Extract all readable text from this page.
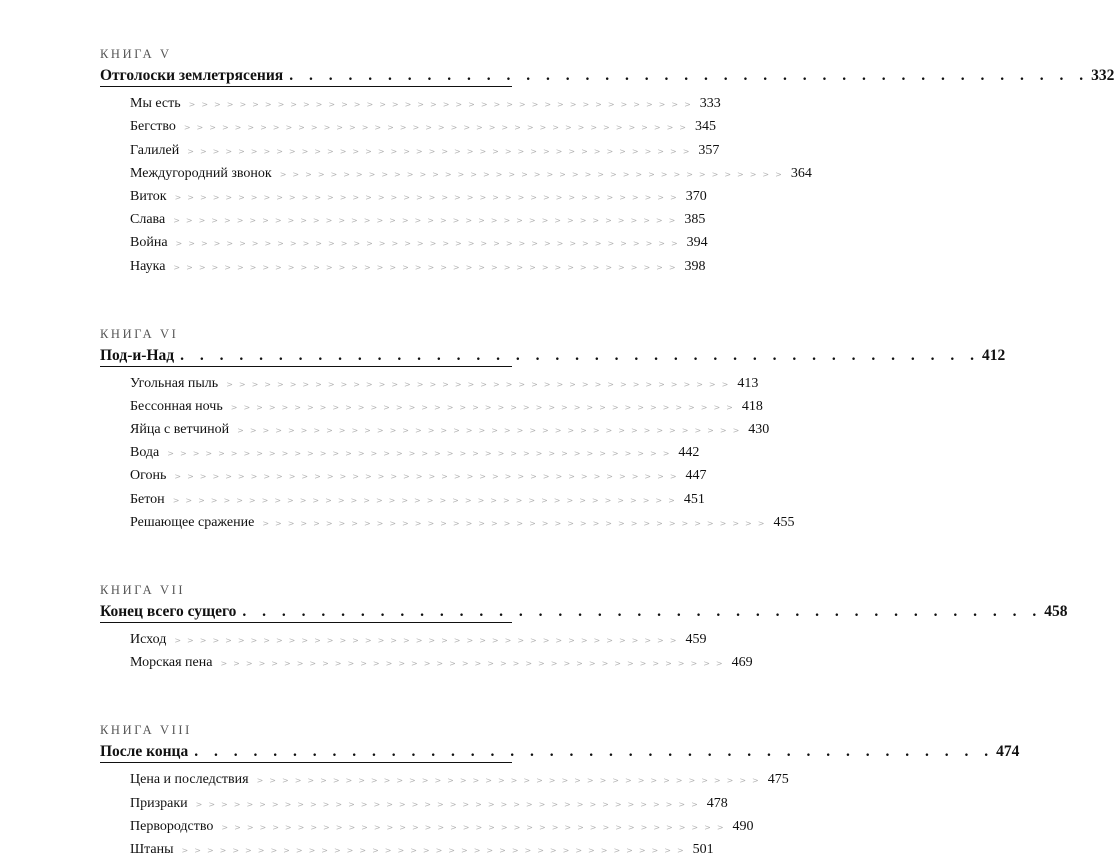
КНИГА V
Отголоски землетрясения . . . . . . . . . . . . . . . . . . . . . . . . . . . . . . . . . . . . . . . . . 332
Мы есть >>>>>>>>>>>>>>>>>>>>>>>>>>>>>>>>>>>>>>>> 333
Бегство >>>>>>>>>>>>>>>>>>>>>>>>>>>>>>>>>>>>>>>> 345
Галилей >>>>>>>>>>>>>>>>>>>>>>>>>>>>>>>>>>>>>>>> 357
Междугородний звонок >>>>>>>>>>>>>>>>>>>>>>>>>>>>>>>>>>>>>>>> 364
Виток >>>>>>>>>>>>>>>>>>>>>>>>>>>>>>>>>>>>>>>> 370
Слава >>>>>>>>>>>>>>>>>>>>>>>>>>>>>>>>>>>>>>>> 385
Война >>>>>>>>>>>>>>>>>>>>>>>>>>>>>>>>>>>>>>>> 394
Наука >>>>>>>>>>>>>>>>>>>>>>>>>>>>>>>>>>>>>>>> 398
КНИГА VI
Под-и-Над . . . . . . . . . . . . . . . . . . . . . . . . . . . . . . . . . . . . . . . . . 412
Угольная пыль >>>>>>>>>>>>>>>>>>>>>>>>>>>>>>>>>>>>>>>> 413
Бессонная ночь >>>>>>>>>>>>>>>>>>>>>>>>>>>>>>>>>>>>>>>> 418
Яйца с ветчиной >>>>>>>>>>>>>>>>>>>>>>>>>>>>>>>>>>>>>>>> 430
Вода >>>>>>>>>>>>>>>>>>>>>>>>>>>>>>>>>>>>>>>> 442
Огонь >>>>>>>>>>>>>>>>>>>>>>>>>>>>>>>>>>>>>>>> 447
Бетон >>>>>>>>>>>>>>>>>>>>>>>>>>>>>>>>>>>>>>>> 451
Решающее сражение >>>>>>>>>>>>>>>>>>>>>>>>>>>>>>>>>>>>>>>> 455
КНИГА VII
Конец всего сущего . . . . . . . . . . . . . . . . . . . . . . . . . . . . . . . . . . . . . . . . . 458
Исход >>>>>>>>>>>>>>>>>>>>>>>>>>>>>>>>>>>>>>>> 459
Морская пена >>>>>>>>>>>>>>>>>>>>>>>>>>>>>>>>>>>>>>>> 469
КНИГА VIII
После конца . . . . . . . . . . . . . . . . . . . . . . . . . . . . . . . . . . . . . . . . . 474
Цена и последствия >>>>>>>>>>>>>>>>>>>>>>>>>>>>>>>>>>>>>>>> 475
Призраки >>>>>>>>>>>>>>>>>>>>>>>>>>>>>>>>>>>>>>>> 478
Первородство >>>>>>>>>>>>>>>>>>>>>>>>>>>>>>>>>>>>>>>> 490
Штаны >>>>>>>>>>>>>>>>>>>>>>>>>>>>>>>>>>>>>>>> 501
